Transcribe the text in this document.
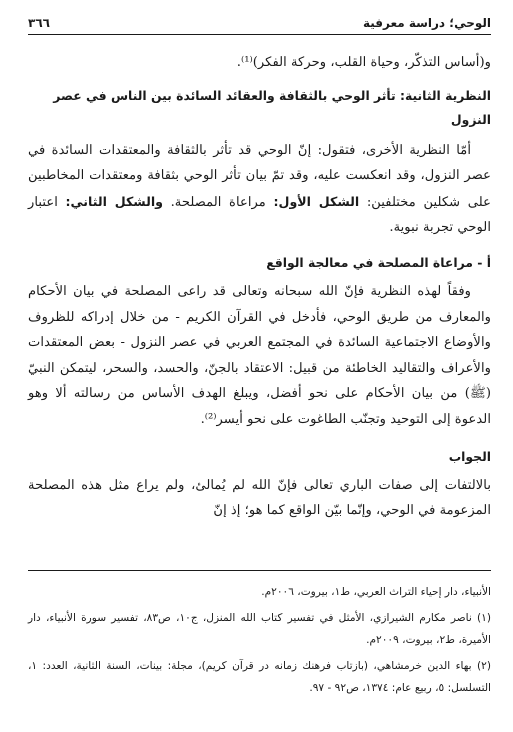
الوحي؛ دراسة معرفية
٣٦٦

و(أساس التذكّر، وحياة القلب، وحركة الفكر)⁽¹⁾.

النظرية الثانية: تأثر الوحي بالثقافة والعقائد السائدة بين الناس في عصر النزول

أمّا النظرية الأخرى، فتقول: إنّ الوحي قد تأثر بالثقافة والمعتقدات السائدة في عصر النزول، وقد انعكست عليه، وقد تمّ بيان تأثر الوحي بثقافة ومعتقدات المخاطبين على شكلين مختلفين: الشكل الأول: مراعاة المصلحة. والشكل الثاني: اعتبار الوحي تجربة نبوية.

أ - مراعاة المصلحة في معالجة الواقع

وفقاً لهذه النظرية فإنّ الله سبحانه وتعالى قد راعى المصلحة في بيان الأحكام والمعارف من طريق الوحي، فأدخل في القرآن الكريم - من خلال إدراكه للظروف والأوضاع الاجتماعية السائدة في المجتمع العربي في عصر النزول - بعض المعتقدات والأعراف والتقاليد الخاطئة من قبيل: الاعتقاد بالجنّ، والحسد، والسحر، ليتمكن النبيّ (ﷺ) من بيان الأحكام على نحو أفضل، ويبلغ الهدف الأساس من رسالته ألا وهو الدعوة إلى التوحيد وتجنّب الطاغوت على نحو أيسر⁽²⁾.

الجواب

بالالتفات إلى صفات الباري تعالى فإنّ الله لم يُمالئ، ولم يراع مثل هذه المصلحة المزعومة في الوحي، وإنّما بيّن الواقع كما هو؛ إذ إنّ

الأنبياء، دار إحياء التراث العربي، ط١، بيروت، ٢٠٠٦م.

(١) ناصر مكارم الشيرازي، الأمثل في تفسير كتاب الله المنزل، ج١٠، ص٨٣، تفسير سورة الأنبياء، دار الأميرة، ط٢، بيروت، ٢٠٠٩م.

(٢) بهاء الدين خرمشاهي، (بازتاب فرهنك زمانه در قرآن كريم)، مجلة: بينات، السنة الثانية، العدد: ١، التسلسل: ٥، ربيع عام: ١٣٧٤، ص٩٢ - ٩٧.
